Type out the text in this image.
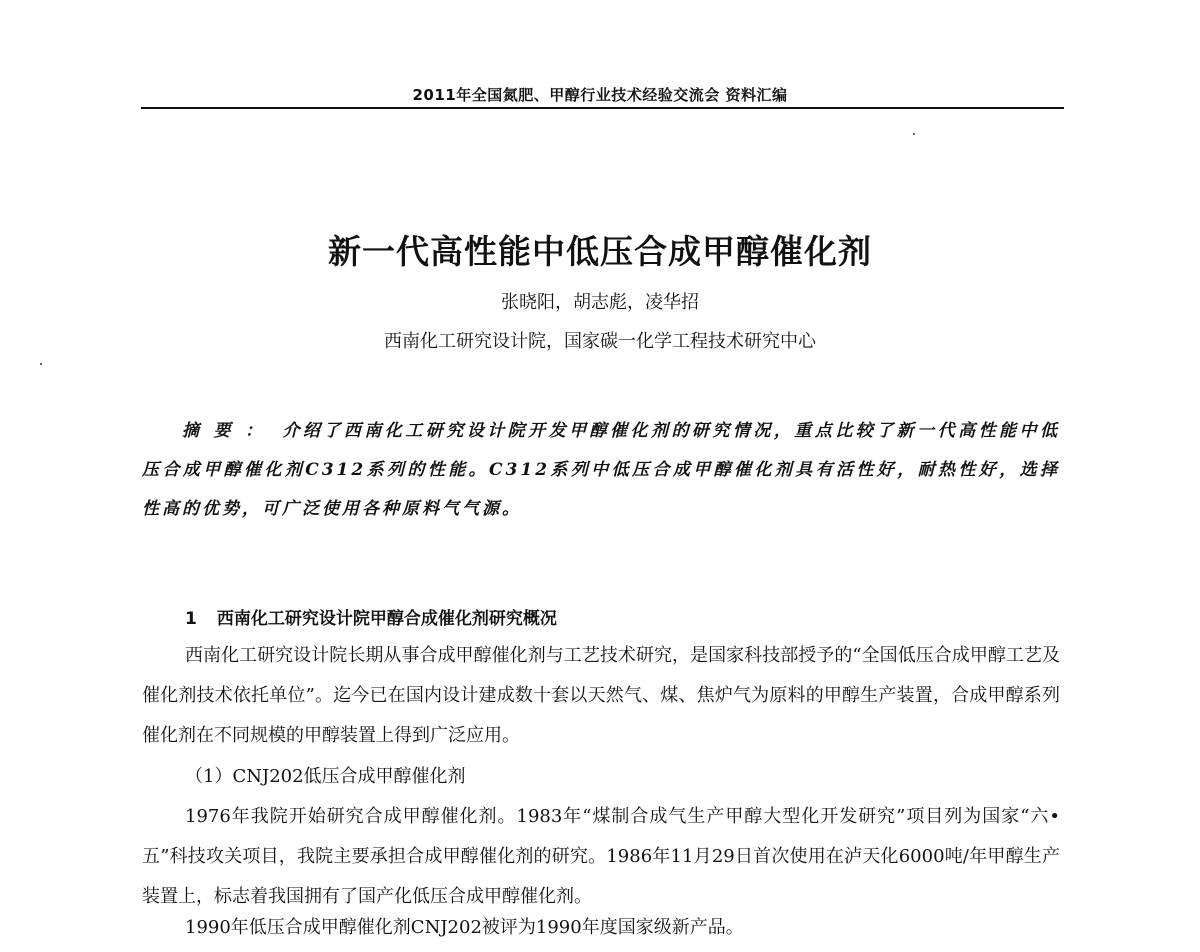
2011年全国氮肥、甲醇行业技术经验交流会 资料汇编
新一代高性能中低压合成甲醇催化剂
张晓阳，胡志彪，凌华招
西南化工研究设计院，国家碳一化学工程技术研究中心
摘要： 介绍了西南化工研究设计院开发甲醇催化剂的研究情况，重点比较了新一代高性能中低压合成甲醇催化剂C312系列的性能。C312系列中低压合成甲醇催化剂具有活性好，耐热性好，选择性高的优势，可广泛使用各种原料气气源。
1 西南化工研究设计院甲醇合成催化剂研究概况

西南化工研究设计院长期从事合成甲醇催化剂与工艺技术研究，是国家科技部授予的“全国低压合成甲醇工艺及催化剂技术依托单位”。迄今已在国内设计建成数十套以天然气、煤、焦炉气为原料的甲醇生产装置，合成甲醇系列催化剂在不同规模的甲醇装置上得到广泛应用。

（1）CNJ202低压合成甲醇催化剂

1976年我院开始研究合成甲醇催化剂。1983年“煤制合成气生产甲醇大型化开发研究”项目列为国家“六•五”科技攻关项目，我院主要承担合成甲醇催化剂的研究。1986年11月29日首次使用在泸天化6000吨/年甲醇生产装置上，标志着我国拥有了国产化低压合成甲醇催化剂。

1990年低压合成甲醇催化剂CNJ202被评为1990年度国家级新产品。
